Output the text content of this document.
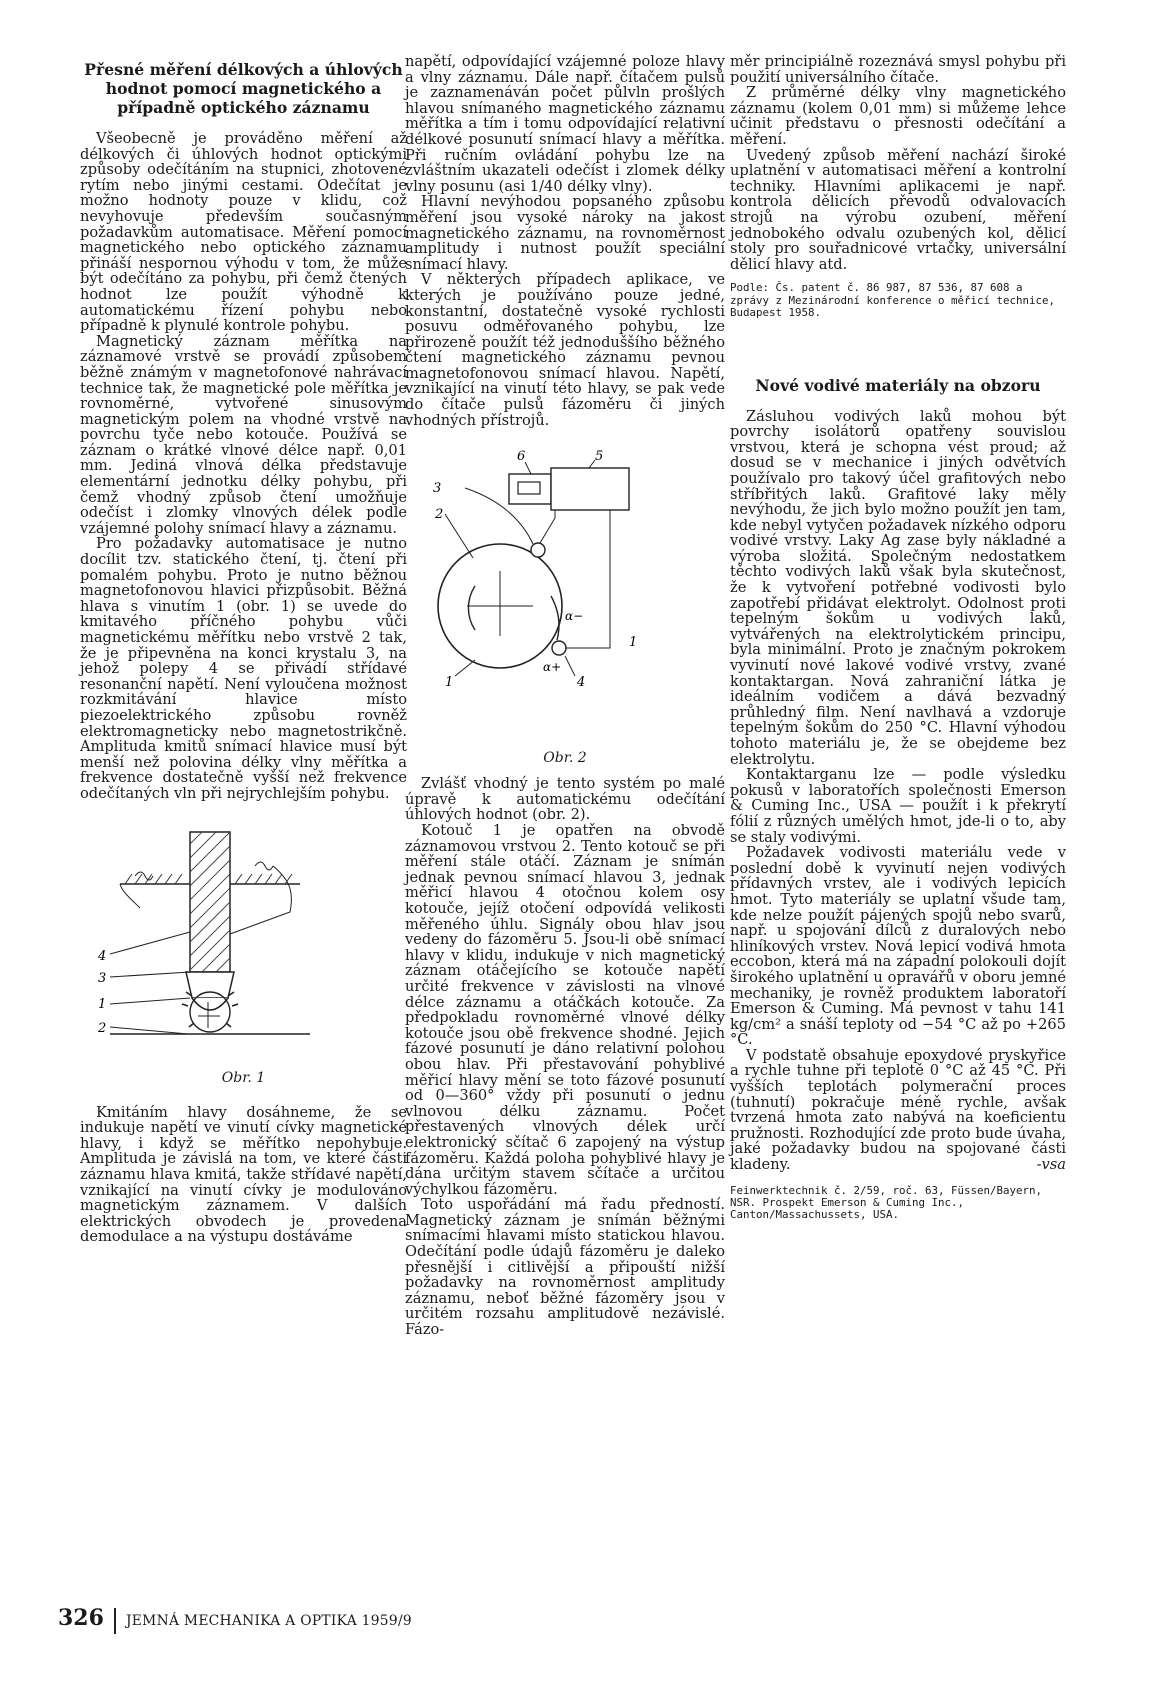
Přesné měření délkových a úhlových hodnot pomocí magnetického a případně optického záznamu

Všeobecně je prováděno měření až délkových či úhlových hodnot optickými způsoby odečítáním na stupnici, zhotovené rytím nebo jinými cestami. Odečítat je možno hodnoty pouze v klidu, což nevyhovuje především současným požadavkům automatisace. Měření pomocí magnetického nebo optického záznamu přináší nespornou výhodu v tom, že může být odečítáno za pohybu, při čemž čtených hodnot lze použít výhodně k automatickému řízení pohybu nebo případně k plynulé kontrole pohybu.

Magnetický záznam měřítka na záznamové vrstvě se provádí způsobem běžně známým v magnetofonové nahrávací technice tak, že magnetické pole měřítka je rovnoměrné, vytvořené sinusovým magnetickým polem na vhodné vrstvě na povrchu tyče nebo kotouče. Používá se záznam o krátké vlnové délce např. 0,01 mm. Jediná vlnová délka představuje elementární jednotku délky pohybu, při čemž vhodný způsob čtení umožňuje odečíst i zlomky vlnových délek podle vzájemné polohy snímací hlavy a záznamu.

Pro požadavky automatisace je nutno docílit tzv. statického čtení, tj. čtení při pomalém pohybu. Proto je nutno běžnou magnetofonovou hlavici přizpůsobit. Běžná hlava s vinutím 1 (obr. 1) se uvede do kmitavého příčného pohybu vůči magnetickému měřítku nebo vrstvě 2 tak, že je připevněna na konci krystalu 3, na jehož polepy 4 se přivádí střídavé resonanční napětí. Není vyloučena možnost rozkmitávání hlavice místo piezoelektrického způsobu rovněž elektromagneticky nebo magnetostrikčně. Amplituda kmitů snímací hlavice musí být menší než polovina délky vlny měřítka a frekvence dostatečně vyšší než frekvence odečítaných vln při nejrychlejším pohybu.

4
3
1
2
Obr. 1

Kmitáním hlavy dosáhneme, že se indukuje napětí ve vinutí cívky magnetické hlavy, i když se měřítko nepohybuje. Amplituda je závislá na tom, ve které části záznamu hlava kmitá, takže střídavé napětí, vznikající na vinutí cívky je modulováno magnetickým záznamem. V dalších elektrických obvodech je provedena demodulace a na výstupu dostáváme

napětí, odpovídající vzájemné poloze hlavy a vlny záznamu. Dále např. čítačem pulsů je zaznamenáván počet půlvln prošlých hlavou snímaného magnetického záznamu měřítka a tím i tomu odpovídající relativní délkové posunutí snímací hlavy a měřítka. Při ručním ovládání pohybu lze na zvláštním ukazateli odečíst i zlomek délky vlny posunu (asi 1/40 délky vlny).

Hlavní nevýhodou popsaného způsobu měření jsou vysoké nároky na jakost magnetického záznamu, na rovnoměrnost amplitudy i nutnost použít speciální snímací hlavy.

V některých případech aplikace, ve kterých je používáno pouze jedné, konstantní, dostatečně vysoké rychlosti posuvu odměřovaného pohybu, lze přirozeně použít též jednoduššího běžného čtení magnetického záznamu pevnou magnetofonovou snímací hlavou. Napětí, vznikající na vinutí této hlavy, se pak vede do čítače pulsů fázoměru či jiných vhodných přístrojů.

6	5
3
2
1	4
α−
α+
1
Obr. 2

Zvlášť vhodný je tento systém po malé úpravě k automatickému odečítání úhlových hodnot (obr. 2).

Kotouč 1 je opatřen na obvodě záznamovou vrstvou 2. Tento kotouč se při měření stále otáčí. Záznam je snímán jednak pevnou snímací hlavou 3, jednak měřicí hlavou 4 otočnou kolem osy kotouče, jejíž otočení odpovídá velikosti měřeného úhlu. Signály obou hlav jsou vedeny do fázoměru 5. Jsou-li obě snímací hlavy v klidu, indukuje v nich magnetický záznam otáčejícího se kotouče napětí určité frekvence v závislosti na vlnové délce záznamu a otáčkách kotouče. Za předpokladu rovnoměrné vlnové délky kotouče jsou obě frekvence shodné. Jejich fázové posunutí je dáno relativní polohou obou hlav. Při přestavování pohyblivé měřicí hlavy mění se toto fázové posunutí od 0—360° vždy při posunutí o jednu vlnovou délku záznamu. Počet přestavených vlnových délek určí elektronický sčítač 6 zapojený na výstup fázoměru. Každá poloha pohyblivé hlavy je dána určitým stavem sčítače a určitou výchylkou fázoměru.

Toto uspořádání má řadu předností. Magnetický záznam je snímán běžnými snímacími hlavami místo statickou hlavou. Odečítání podle údajů fázoměru je daleko přesnější i citlivější a připouští nižší požadavky na rovnoměrnost amplitudy záznamu, neboť běžné fázoměry jsou v určitém rozsahu amplitudově nezávislé. Fázo-

měr principiálně rozeznává smysl pohybu při použití universálního čítače.

Z průměrné délky vlny magnetického záznamu (kolem 0,01 mm) si můžeme lehce učinit představu o přesnosti odečítání a měření.

Uvedený způsob měření nachází široké uplatnění v automatisaci měření a kontrolní techniky. Hlavními aplikacemi je např. kontrola dělicích převodů odvalovacích strojů na výrobu ozubení, měření jednobokého odvalu ozubených kol, dělicí stoly pro souřadnicové vrtačky, universální dělicí hlavy atd.

Podle: Čs. patent č. 86 987, 87 536, 87 608 a zprávy z Mezinárodní konference o měřicí technice, Budapest 1958.

Nové vodivé materiály na obzoru

Zásluhou vodivých laků mohou být povrchy isolátorů opatřeny souvislou vrstvou, která je schopna vést proud; až dosud se v mechanice i jiných odvětvích používalo pro takový účel grafitových nebo stříbřitých laků. Grafitové laky měly nevýhodu, že jich bylo možno použít jen tam, kde nebyl vytyčen požadavek nízkého odporu vodivé vrstvy. Laky Ag zase byly nákladné a výroba složitá. Společným nedostatkem těchto vodivých laků však byla skutečnost, že k vytvoření potřebné vodivosti bylo zapotřebí přidávat elektrolyt. Odolnost proti tepelným šokům u vodivých laků, vytvářených na elektrolytickém principu, byla minimální. Proto je značným pokrokem vyvinutí nové lakové vodivé vrstvy, zvané kontaktargan. Nová zahraniční látka je ideálním vodičem a dává bezvadný průhledný film. Není navlhavá a vzdoruje tepelným šokům do 250 °C. Hlavní výhodou tohoto materiálu je, že se obejdeme bez elektrolytu.

Kontaktarganu lze — podle výsledku pokusů v laboratořích společnosti Emerson & Cuming Inc., USA — použít i k překrytí fólií z různých umělých hmot, jde-li o to, aby se staly vodivými.

Požadavek vodivosti materiálu vede v poslední době k vyvinutí nejen vodivých přídavných vrstev, ale i vodivých lepicích hmot. Tyto materiály se uplatní všude tam, kde nelze použít pájených spojů nebo svarů, např. u spojování dílců z duralových nebo hliníkových vrstev. Nová lepicí vodivá hmota eccobon, která má na západní polokouli dojít širokého uplatnění u opravářů v oboru jemné mechaniky, je rovněž produktem laboratoří Emerson & Cuming. Má pevnost v tahu 141 kg/cm² a snáší teploty od −54 °C až po +265 °C.

V podstatě obsahuje epoxydové pryskyřice a rychle tuhne při teplotě 0 °C až 45 °C. Při vyšších teplotách polymerační proces (tuhnutí) pokračuje méně rychle, avšak tvrzená hmota zato nabývá na koeficientu pružnosti. Rozhodující zde proto bude úvaha, jaké požadavky budou na spojované části kladeny.	-vsa

Feinwerktechnik č. 2/59, roč. 63, Füssen/Bayern, NSR. Prospekt Emerson & Cuming Inc., Canton/Massachussets, USA.

326 JEMNÁ MECHANIKA A OPTIKA 1959/9
